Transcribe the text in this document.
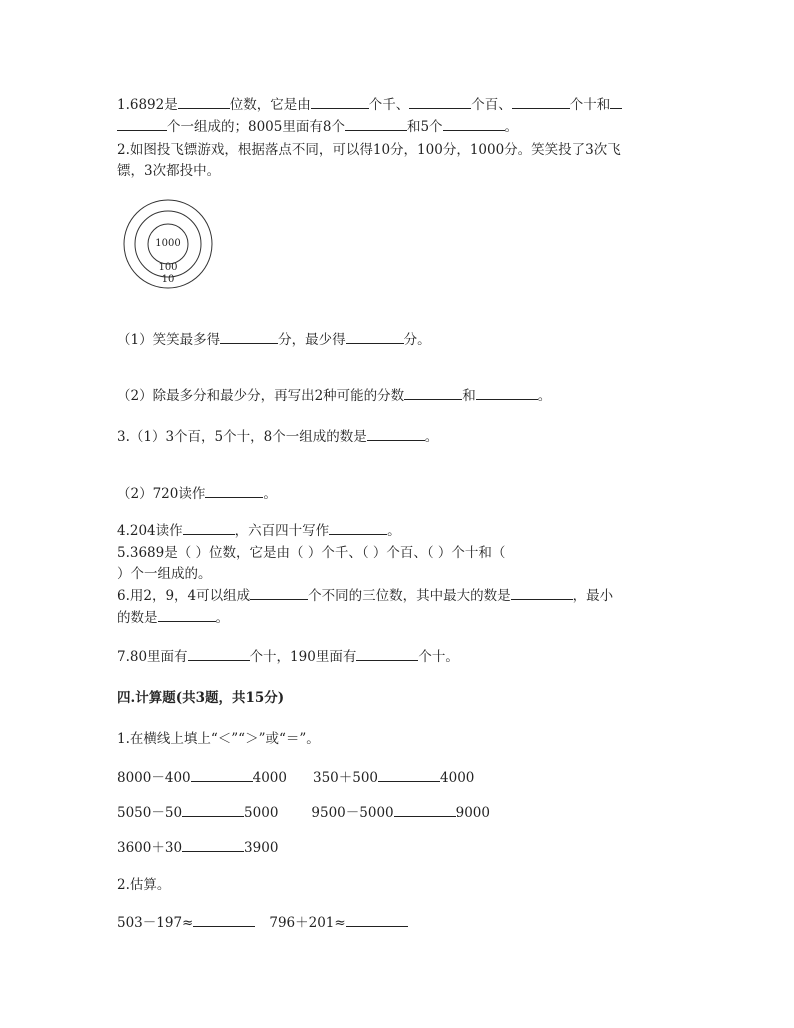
1.6892是	位数，它是由	个千、	个百、	个十和
个一组成的；8005里面有8个	和5个	。
2.如图投飞镖游戏，根据落点不同，可以得10分，100分，1000分。笑笑投了3次飞
镖，3次都投中。
1000
100
10
（1）笑笑最多得	分，最少得	分。
（2）除最多分和最少分，再写出2种可能的分数	和	。
3.（1）3个百，5个十，8个一组成的数是	。
（2）720读作	。
4.204读作	，六百四十写作	。
5.3689是（ ）位数，它是由（ ）个千、（ ）个百、（ ）个十和（
）个一组成的。
6.用2，9，4可以组成	个不同的三位数，其中最大的数是	，最小
的数是	。
7.80里面有	个十，190里面有	个十。
四.计算题(共3题，共15分)
1.在横线上填上“＜”“＞”或“＝”。
8000－400	4000 350＋500	4000
5050－50	5000 9500－5000	9000
3600＋30	3900
2.估算。
503－197≈	796＋201≈
